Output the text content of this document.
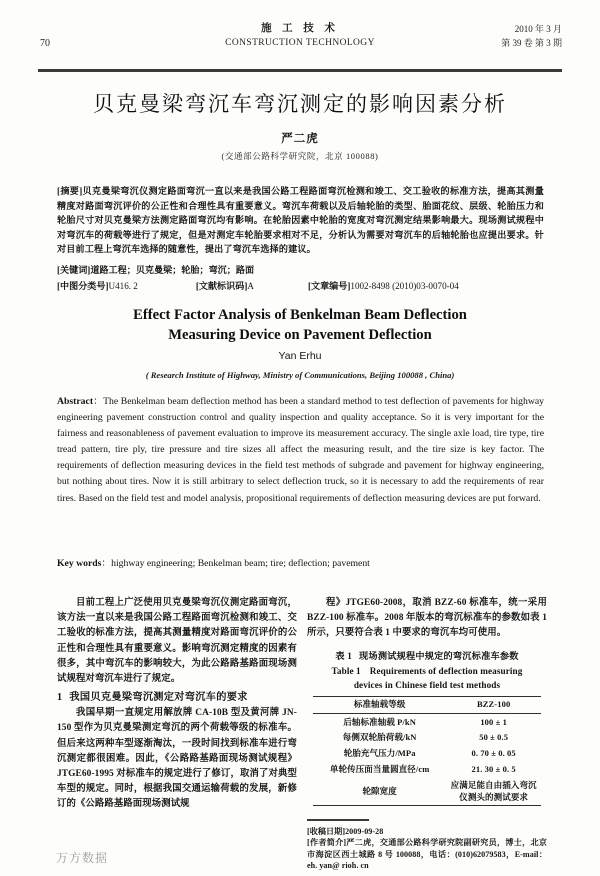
施 工 技 术
CONSTRUCTION TECHNOLOGY
70
2010 年 3 月
第 39 卷 第 3 期
贝克曼梁弯沉车弯沉测定的影响因素分析
严二虎
(交通部公路科学研究院，北京 100088)
[摘要]贝克曼梁弯沉仪测定路面弯沉一直以来是我国公路工程路面弯沉检测和竣工、交工验收的标准方法，提高其测量精度对路面弯沉评价的公正性和合理性具有重要意义。弯沉车荷载以及后轴轮胎的类型、胎面花纹、层级、轮胎压力和轮胎尺寸对贝克曼梁方法测定路面弯沉均有影响。在轮胎因素中轮胎的宽度对弯沉测定结果影响最大。现场测试规程中对弯沉车的荷载等进行了规定，但是对测定车轮胎要求相对不足，分析认为需要对弯沉车的后轴轮胎也应提出要求。针对目前工程上弯沉车选择的随意性，提出了弯沉车选择的建议。
[关键词]道路工程；贝克曼梁；轮胎；弯沉；路面
[中图分类号]U416. 2	[文献标识码]A	[文章编号]1002-8498 (2010)03-0070-04
Effect Factor Analysis of Benkelman Beam Deflection
Measuring Device on Pavement Deflection
Yan Erhu
( Research Institute of Highway, Ministry of Communications, Beijing 100088 , China)
Abstract：The Benkelman beam deflection method has been a standard method to test deflection of pavements for highway engineering pavement construction control and quality inspection and quality acceptance. So it is very important for the fairness and reasonableness of pavement evaluation to improve its measurement accuracy. The single axle load, tire type, tire tread pattern, tire ply, tire pressure and tire sizes all affect the measuring result, and the tire size is key factor. The requirements of deflection measuring devices in the field test methods of subgrade and pavement for highway engineering, but nothing about tires. Now it is still arbitrary to select deflection truck, so it is necessary to add the requirements of rear tires. Based on the field test and model analysis, propositional requirements of deflection measuring devices are put forward.
Key words：highway engineering; Benkelman beam; tire; deflection; pavement

目前工程上广泛使用贝克曼梁弯沉仪测定路面弯沉，该方法一直以来是我国公路工程路面弯沉检测和竣工、交工验收的标准方法，提高其测量精度对路面弯沉评价的公正性和合理性具有重要意义。影响弯沉测定精度的因素有很多，其中弯沉车的影响较大，为此公路路基路面现场测试规程对弯沉车进行了规定。

1 我国贝克曼梁弯沉测定对弯沉车的要求

我国早期一直规定用解放牌 CA-10B 型及黄河牌 JN-150 型作为贝克曼梁测定弯沉的两个荷载等级的标准车。但后来这两种车型逐渐淘汰，一段时间找到标准车进行弯沉测定都很困难。因此，《公路路基路面现场测试规程》JTGE60-1995 对标准车的规定进行了修订，取消了对典型车型的规定。同时，根据我国交通运输荷载的发展，新修订的《公路路基路面现场测试规

程》JTGE60-2008，取消 BZZ-60 标准车，统一采用 BZZ-100 标准车。2008 年版本的弯沉标准车的参数如表 1 所示，只要符合表 1 中要求的弯沉车均可使用。

表 1 现场测试规程中规定的弯沉标准车参数
Table 1 Requirements of deflection measuring
devices in Chinese field test methods
标准轴载等级	BZZ-100
后轴标准轴载 P/kN	100 ± 1
每侧双轮胎荷载/kN	50 ± 0.5
轮胎充气压力/MPa	0. 70 ± 0. 05
单轮传压面当量圆直径/cm	21. 30 ± 0. 5
轮隙宽度	应满足能自由插入弯沉仪测头的测试要求
[收稿日期]2009-09-28
[作者简介]严二虎，交通部公路科学研究院副研究员，博士，北京市海淀区西土城路 8 号 100088，电话：(010)62079583，E-mail：eh. yan@ rioh. cn
万方数据
